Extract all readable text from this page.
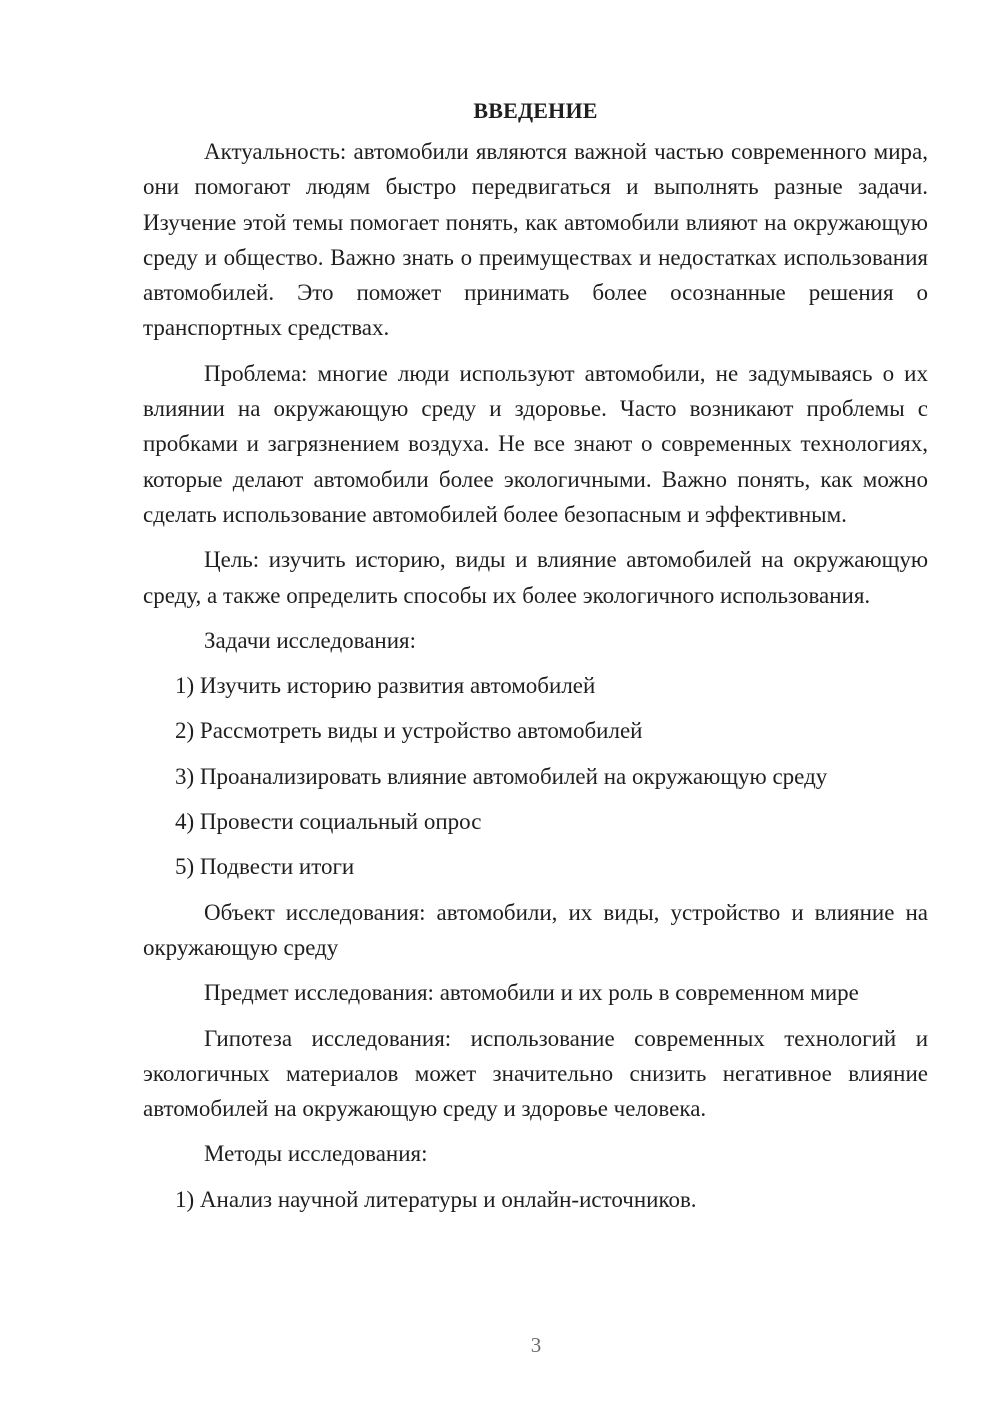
ВВЕДЕНИЕ

Актуальность: автомобили являются важной частью современного мира, они помогают людям быстро передвигаться и выполнять разные задачи. Изучение этой темы помогает понять, как автомобили влияют на окружающую среду и общество. Важно знать о преимуществах и недостатках использования автомобилей. Это поможет принимать более осознанные решения о транспортных средствах.

Проблема: многие люди используют автомобили, не задумываясь о их влиянии на окружающую среду и здоровье. Часто возникают проблемы с пробками и загрязнением воздуха. Не все знают о современных технологиях, которые делают автомобили более экологичными. Важно понять, как можно сделать использование автомобилей более безопасным и эффективным.

Цель: изучить историю, виды и влияние автомобилей на окружающую среду, а также определить способы их более экологичного использования.

Задачи исследования:

1) Изучить историю развития автомобилей
2) Рассмотреть виды и устройство автомобилей
3) Проанализировать влияние автомобилей на окружающую среду
4) Провести социальный опрос
5) Подвести итоги

Объект исследования: автомобили, их виды, устройство и влияние на окружающую среду

Предмет исследования: автомобили и их роль в современном мире

Гипотеза исследования: использование современных технологий и экологичных материалов может значительно снизить негативное влияние автомобилей на окружающую среду и здоровье человека.

Методы исследования:

1) Анализ научной литературы и онлайн-источников.
3
